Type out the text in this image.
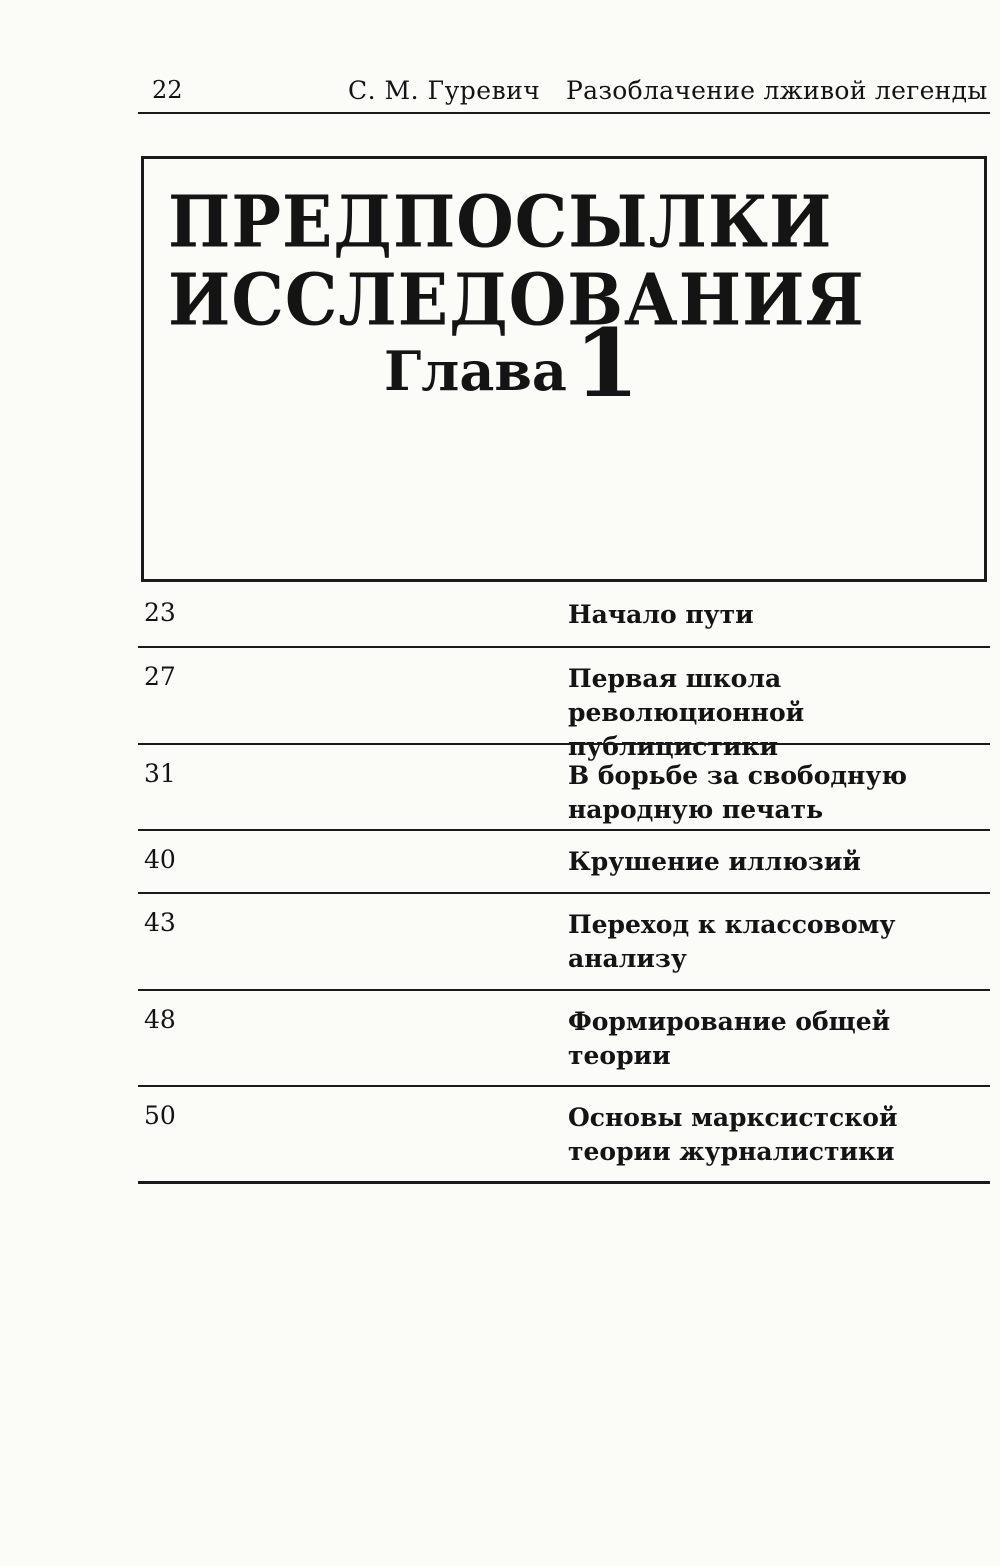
22	С. М. Гуревич Разоблачение лживой легенды
ПРЕДПОСЫЛКИ
ИССЛЕДОВАНИЯ
Глава 1
23	Начало пути
27	Первая школа революционной публицистики
31	В борьбе за свободную народную печать
40	Крушение иллюзий
43	Переход к классовому анализу
48	Формирование общей теории
50	Основы марксистской теории журналистики
